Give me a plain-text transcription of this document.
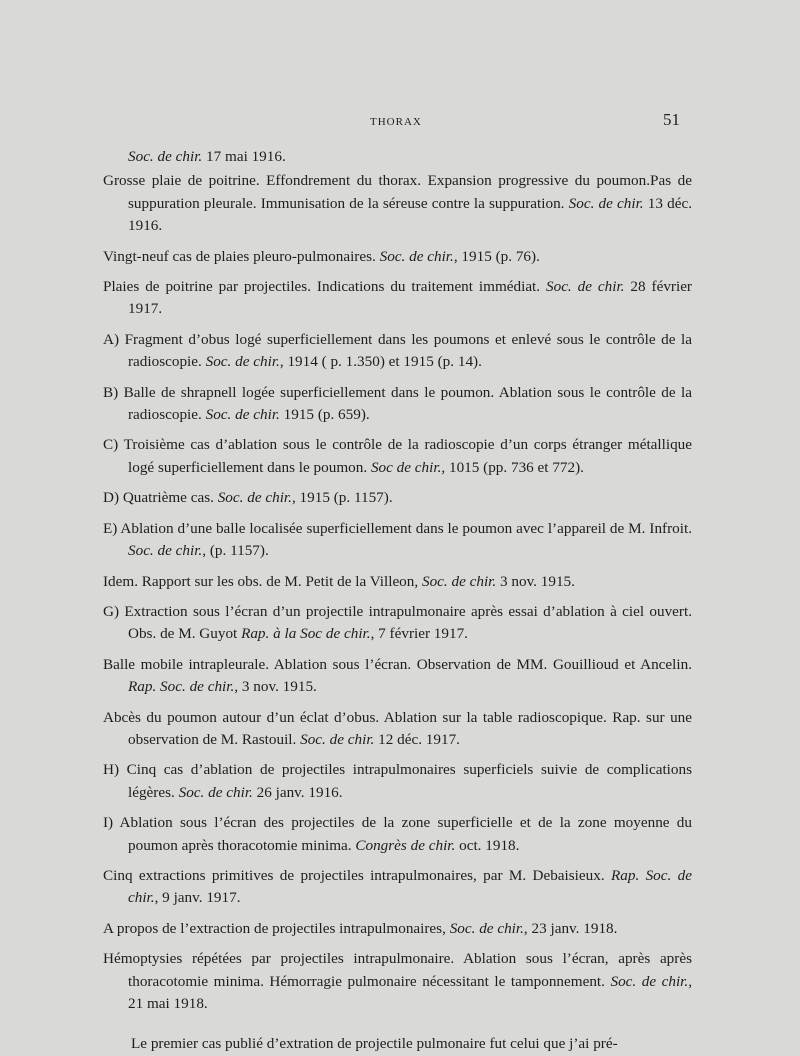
THORAX	51

Soc. de chir. 17 mai 1916.

Grosse plaie de poitrine. Effondrement du thorax. Expansion progressive du poumon.Pas de suppuration pleurale. Immunisation de la séreuse contre la suppuration. Soc. de chir. 13 déc. 1916.

Vingt-neuf cas de plaies pleuro-pulmonaires. Soc. de chir., 1915 (p. 76).

Plaies de poitrine par projectiles. Indications du traitement immédiat. Soc. de chir. 28 février 1917.

A) Fragment d’obus logé superficiellement dans les poumons et enlevé sous le contrôle de la radioscopie. Soc. de chir., 1914 ( p. 1.350) et 1915 (p. 14).

B) Balle de shrapnell logée superficiellement dans le poumon. Ablation sous le contrôle de la radioscopie. Soc. de chir. 1915 (p. 659).

C) Troisième cas d’ablation sous le contrôle de la radioscopie d’un corps étranger métallique logé superficiellement dans le poumon. Soc de chir., 1015 (pp. 736 et 772).

D) Quatrième cas. Soc. de chir., 1915 (p. 1157).

E) Ablation d’une balle localisée superficiellement dans le poumon avec l’appareil de M. Infroit. Soc. de chir., (p. 1157).

Idem. Rapport sur les obs. de M. Petit de la Villeon, Soc. de chir. 3 nov. 1915.

G) Extraction sous l’écran d’un projectile intrapulmonaire après essai d’ablation à ciel ouvert. Obs. de M. Guyot Rap. à la Soc de chir., 7 février 1917.

Balle mobile intrapleurale. Ablation sous l’écran. Observation de MM. Gouillioud et Ancelin. Rap. Soc. de chir., 3 nov. 1915.

Abcès du poumon autour d’un éclat d’obus. Ablation sur la table radioscopique. Rap. sur une observation de M. Rastouil. Soc. de chir. 12 déc. 1917.

H) Cinq cas d’ablation de projectiles intrapulmonaires superficiels suivie de complications légères. Soc. de chir. 26 janv. 1916.

I) Ablation sous l’écran des projectiles de la zone superficielle et de la zone moyenne du poumon après thoracotomie minima. Congrès de chir. oct. 1918.

Cinq extractions primitives de projectiles intrapulmonaires, par M. Debaisieux. Rap. Soc. de chir., 9 janv. 1917.

A propos de l’extraction de projectiles intrapulmonaires, Soc. de chir., 23 janv. 1918.

Hémoptysies répétées par projectiles intrapulmonaire. Ablation sous l’écran, après après thoracotomie minima. Hémorragie pulmonaire nécessitant le tamponnement. Soc. de chir., 21 mai 1918.

Le premier cas publié d’extration de projectile pulmonaire fut celui que j’ai pré-
